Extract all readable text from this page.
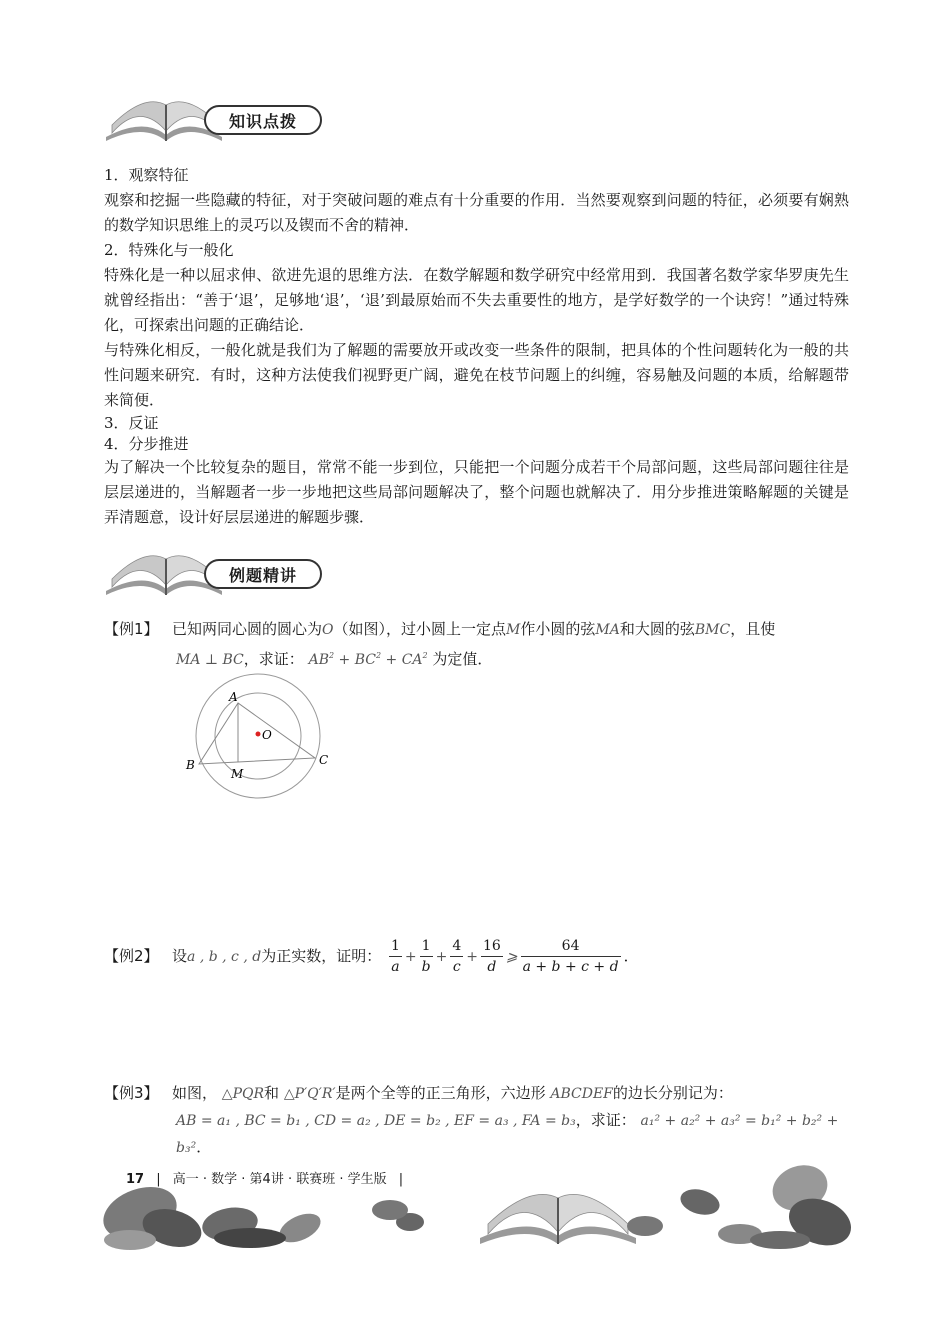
知识点拨
1．观察特征

观察和挖掘一些隐藏的特征，对于突破问题的难点有十分重要的作用．当然要观察到问题的特征，必须要有娴熟的数学知识思维上的灵巧以及锲而不舍的精神．

2．特殊化与一般化

特殊化是一种以屈求伸、欲进先退的思维方法．在数学解题和数学研究中经常用到．我国著名数学家华罗庚先生就曾经指出：“善于‘退’，足够地‘退’，‘退’到最原始而不失去重要性的地方，是学好数学的一个诀窍！”通过特殊化，可探索出问题的正确结论．

与特殊化相反，一般化就是我们为了解题的需要放开或改变一些条件的限制，把具体的个性问题转化为一般的共性问题来研究．有时，这种方法使我们视野更广阔，避免在枝节问题上的纠缠，容易触及问题的本质，给解题带来简便．

3．反证
4．分步推进

为了解决一个比较复杂的题目，常常不能一步到位，只能把一个问题分成若干个局部问题，这些局部问题往往是层层递进的，当解题者一步一步地把这些局部问题解决了，整个问题也就解决了．用分步推进策略解题的关键是弄清题意，设计好层层递进的解题步骤．

例题精讲
【例1】 已知两同心圆的圆心为O（如图），过小圆上一定点M作小圆的弦MA和大圆的弦BMC，且使
MA ⊥ BC，求证： $AB^2 + BC^2 + CA^2$ 为定值．
A
B	C
M
O
【例2】 设a , b , c , d为正实数，证明： $\frac{1}{a} + \frac{1}{b} + \frac{4}{c} + \frac{16}{d}$ ⩾ $\frac{64}{a + b + c + d}$ ．
【例3】 如图， △PQR和 △P′Q′R′是两个全等的正三角形，六边形 ABCDEF的边长分别记为：
AB = a₁ , BC = b₁ , CD = a₂ , DE = b₂ , EF = a₃ , FA = b₃，求证： a₁² + a₂² + a₃² = b₁² + b₂² + b₃²．
17 | 高一 · 数学 · 第4讲 · 联赛班 · 学生版 |
